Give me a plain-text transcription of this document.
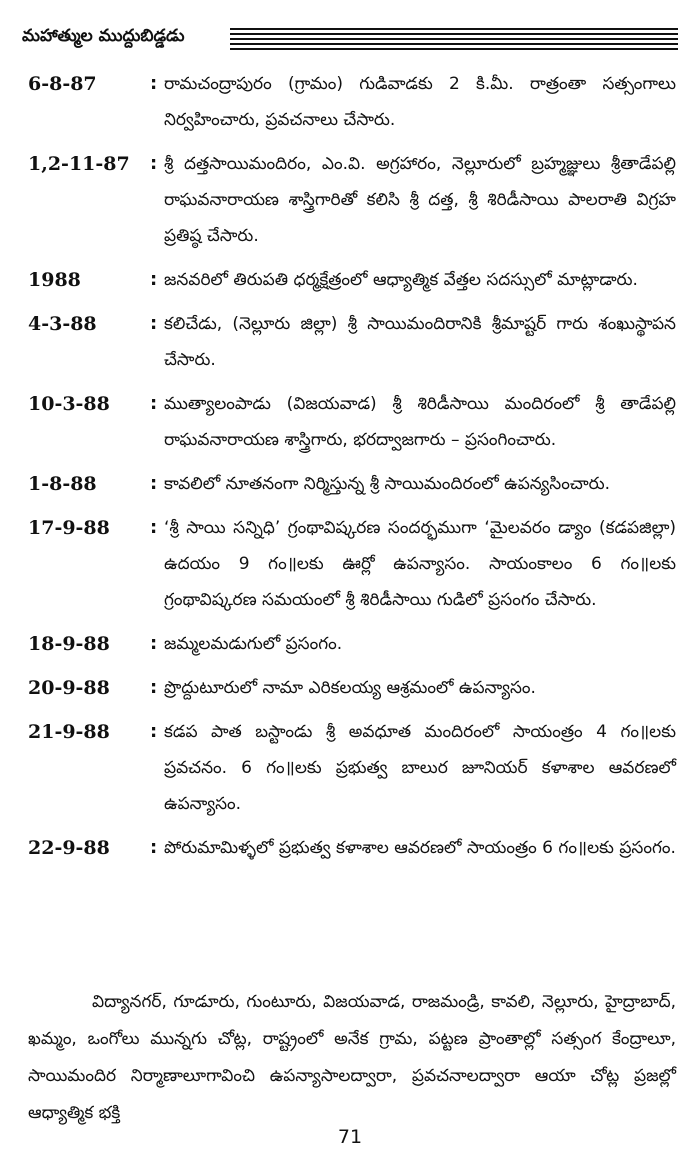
మహాత్ముల ముద్దుబిడ్డడు
6-8-87	: రామచంద్రాపురం (గ్రామం) గుడివాడకు 2 కి.మీ. రాత్రంతా సత్సంగాలు నిర్వహించారు, ప్రవచనాలు చేసారు.
1,2-11-87	: శ్రీ దత్తసాయిమందిరం, ఎం.వి. అగ్రహారం, నెల్లూరులో బ్రహ్మజ్ఞులు శ్రీతాడేపల్లి రాఘవనారాయణ శాస్త్రిగారితో కలిసి శ్రీ దత్త, శ్రీ శిరిడీసాయి పాలరాతి విగ్రహ ప్రతిష్ఠ చేసారు.
1988	: జనవరిలో తిరుపతి ధర్మక్షేత్రంలో ఆధ్యాత్మిక వేత్తల సదస్సులో మాట్లాడారు.
4-3-88	: కలిచేడు, (నెల్లూరు జిల్లా) శ్రీ సాయిమందిరానికి శ్రీమాష్టర్ గారు శంఖుస్థాపన చేసారు.
10-3-88	: ముత్యాలంపాడు (విజయవాడ) శ్రీ శిరిడీసాయి మందిరంలో శ్రీ తాడేపల్లి రాఘవనారాయణ శాస్త్రిగారు, భరద్వాజగారు – ప్రసంగించారు.
1-8-88	: కావలిలో నూతనంగా నిర్మిస్తున్న శ్రీ సాయిమందిరంలో ఉపన్యసించారు.
17-9-88	: ‘శ్రీ సాయి సన్నిధి’ గ్రంథావిష్కరణ సందర్భముగా ‘మైలవరం డ్యాం (కడపజిల్లా) ఉదయం 9 గం॥లకు ఊర్లో ఉపన్యాసం. సాయంకాలం 6 గం॥లకు గ్రంథావిష్కరణ సమయంలో శ్రీ శిరిడీసాయి గుడిలో ప్రసంగం చేసారు.
18-9-88	: జమ్మలమడుగులో ప్రసంగం.
20-9-88	: ప్రొద్దుటూరులో నామా ఎరికలయ్య ఆశ్రమంలో ఉపన్యాసం.
21-9-88	: కడప పాత బస్టాండు శ్రీ అవధూత మందిరంలో సాయంత్రం 4 గం॥లకు ప్రవచనం. 6 గం॥లకు ప్రభుత్వ బాలుర జూనియర్ కళాశాల ఆవరణలో ఉపన్యాసం.
22-9-88	: పోరుమామిళ్ళలో ప్రభుత్వ కళాశాల ఆవరణలో సాయంత్రం 6 గం॥లకు ప్రసంగం.
విద్యానగర్, గూడూరు, గుంటూరు, విజయవాడ, రాజమండ్రి, కావలి, నెల్లూరు, హైద్రాబాద్, ఖమ్మం, ఒంగోలు మున్నగు చోట్ల, రాష్ట్రంలో అనేక గ్రామ, పట్టణ ప్రాంతాల్లో సత్సంగ కేంద్రాలూ, సాయిమందిర నిర్మాణాలూగావించి ఉపన్యాసాలద్వారా, ప్రవచనాలద్వారా ఆయా చోట్ల ప్రజల్లో ఆధ్యాత్మిక భక్తి
71
